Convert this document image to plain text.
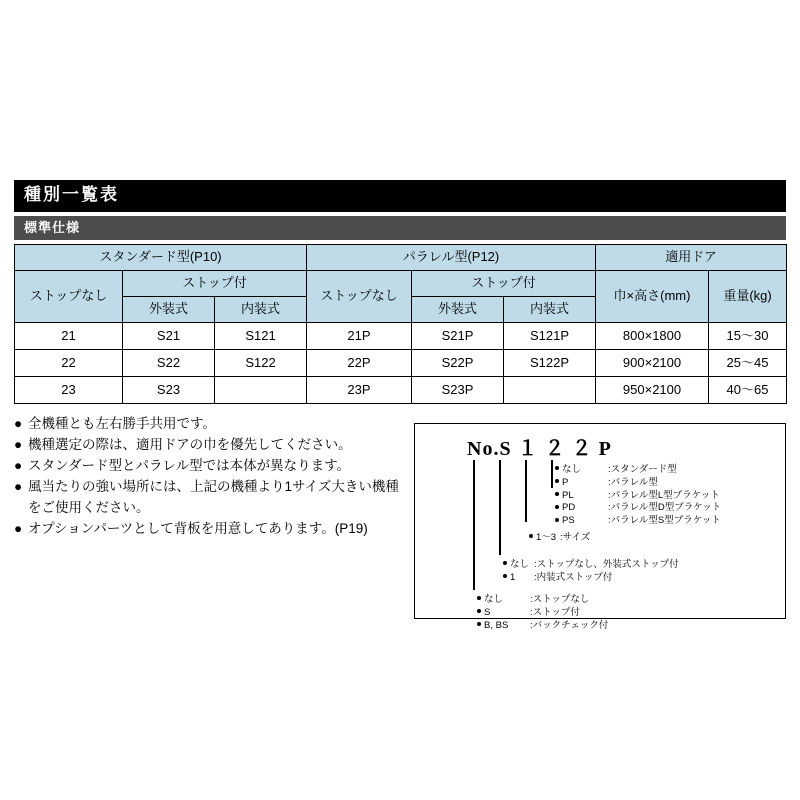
種別一覧表
標準仕様
スタンダード型(P10)			パラレル型(P12)			適用ドア	
ストップなし	ストップ付		ストップなし	ストップ付		巾×高さ(mm)	重量(kg)
	外装式	内装式		外装式	内装式		
21	S21	S121	21P	S21P	S121P	800×1800	15～30
22	S22	S122	22P	S22P	S122P	900×2100	25～45
23	S23		23P	S23P		950×2100	40～65
● 全機種とも左右勝手共用です。
● 機種選定の際は、適用ドアの巾を優先してください。
● スタンダード型とパラレル型では本体が異なります。
● 風当たりの強い場所には、上記の機種より1サイズ大きい機種
をご使用ください。
● オプションパーツとして背板を用意してあります。(P19)
No.S １ ２ ２ P
なし	:スタンダード型
P	:パラレル型
PL	:パラレル型L型ブラケット
PD	:パラレル型D型ブラケット
PS	:パラレル型S型ブラケット
1～3 :サイズ
なし :ストップなし、外装式ストップ付
1 :内装式ストップ付
なし	:ストップなし
S	:ストップ付
B, BS :バックチェック付
